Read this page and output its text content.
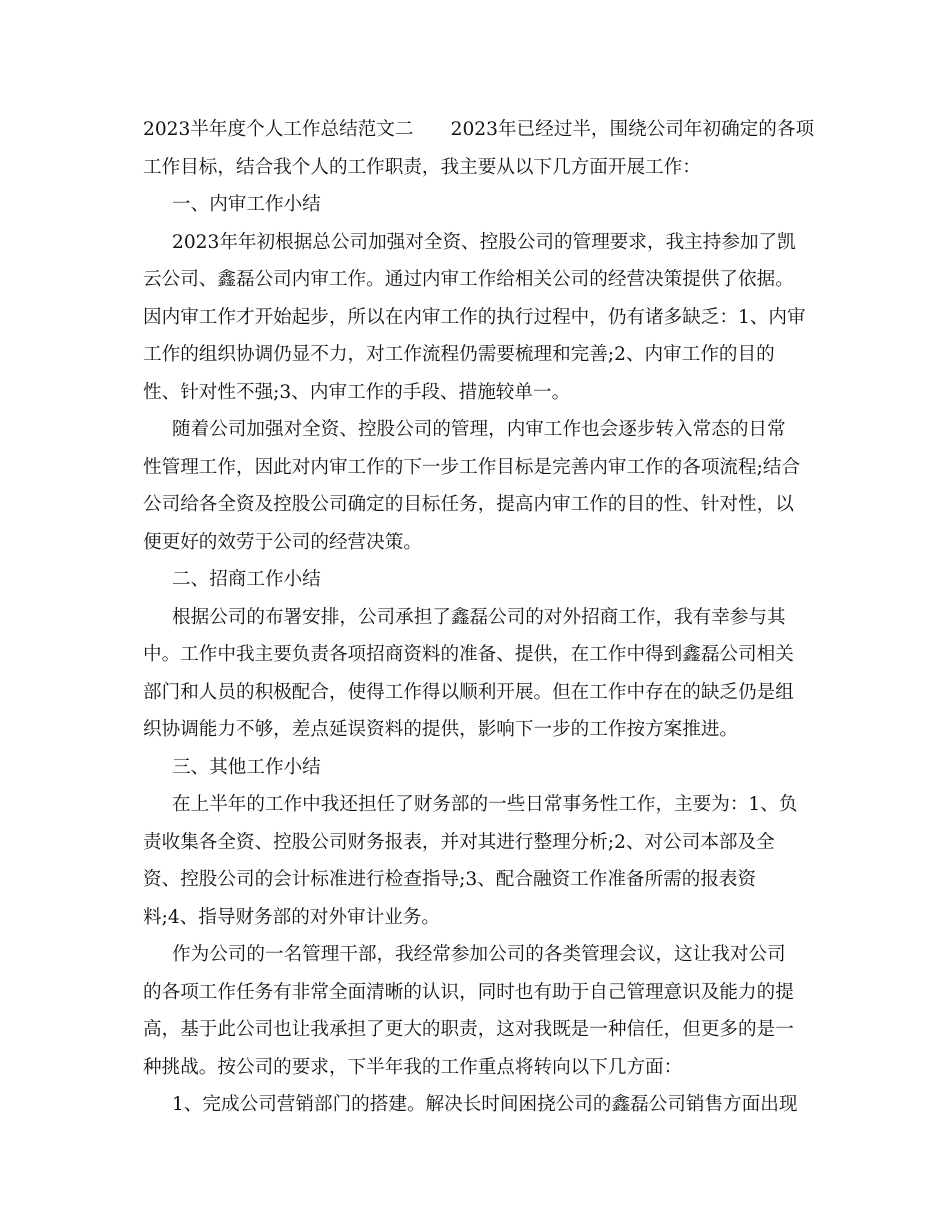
2023半年度个人工作总结范文二　　2023年已经过半，围绕公司年初确定的各项
工作目标，结合我个人的工作职责，我主要从以下几方面开展工作：
一、内审工作小结
2023年年初根据总公司加强对全资、控股公司的管理要求，我主持参加了凯
云公司、鑫磊公司内审工作。通过内审工作给相关公司的经营决策提供了依据。
因内审工作才开始起步，所以在内审工作的执行过程中，仍有诸多缺乏：1、内审
工作的组织协调仍显不力，对工作流程仍需要梳理和完善;2、内审工作的目的
性、针对性不强;3、内审工作的手段、措施较单一。
随着公司加强对全资、控股公司的管理，内审工作也会逐步转入常态的日常
性管理工作，因此对内审工作的下一步工作目标是完善内审工作的各项流程;结合
公司给各全资及控股公司确定的目标任务，提高内审工作的目的性、针对性，以
便更好的效劳于公司的经营决策。
二、招商工作小结
根据公司的布署安排，公司承担了鑫磊公司的对外招商工作，我有幸参与其
中。工作中我主要负责各项招商资料的准备、提供，在工作中得到鑫磊公司相关
部门和人员的积极配合，使得工作得以顺利开展。但在工作中存在的缺乏仍是组
织协调能力不够，差点延误资料的提供，影响下一步的工作按方案推进。
三、其他工作小结
在上半年的工作中我还担任了财务部的一些日常事务性工作，主要为：1、负
责收集各全资、控股公司财务报表，并对其进行整理分析;2、对公司本部及全
资、控股公司的会计标准进行检查指导;3、配合融资工作准备所需的报表资
料;4、指导财务部的对外审计业务。
作为公司的一名管理干部，我经常参加公司的各类管理会议，这让我对公司
的各项工作任务有非常全面清晰的认识，同时也有助于自己管理意识及能力的提
高，基于此公司也让我承担了更大的职责，这对我既是一种信任，但更多的是一
种挑战。按公司的要求，下半年我的工作重点将转向以下几方面：
1、完成公司营销部门的搭建。解决长时间困挠公司的鑫磊公司销售方面出现
